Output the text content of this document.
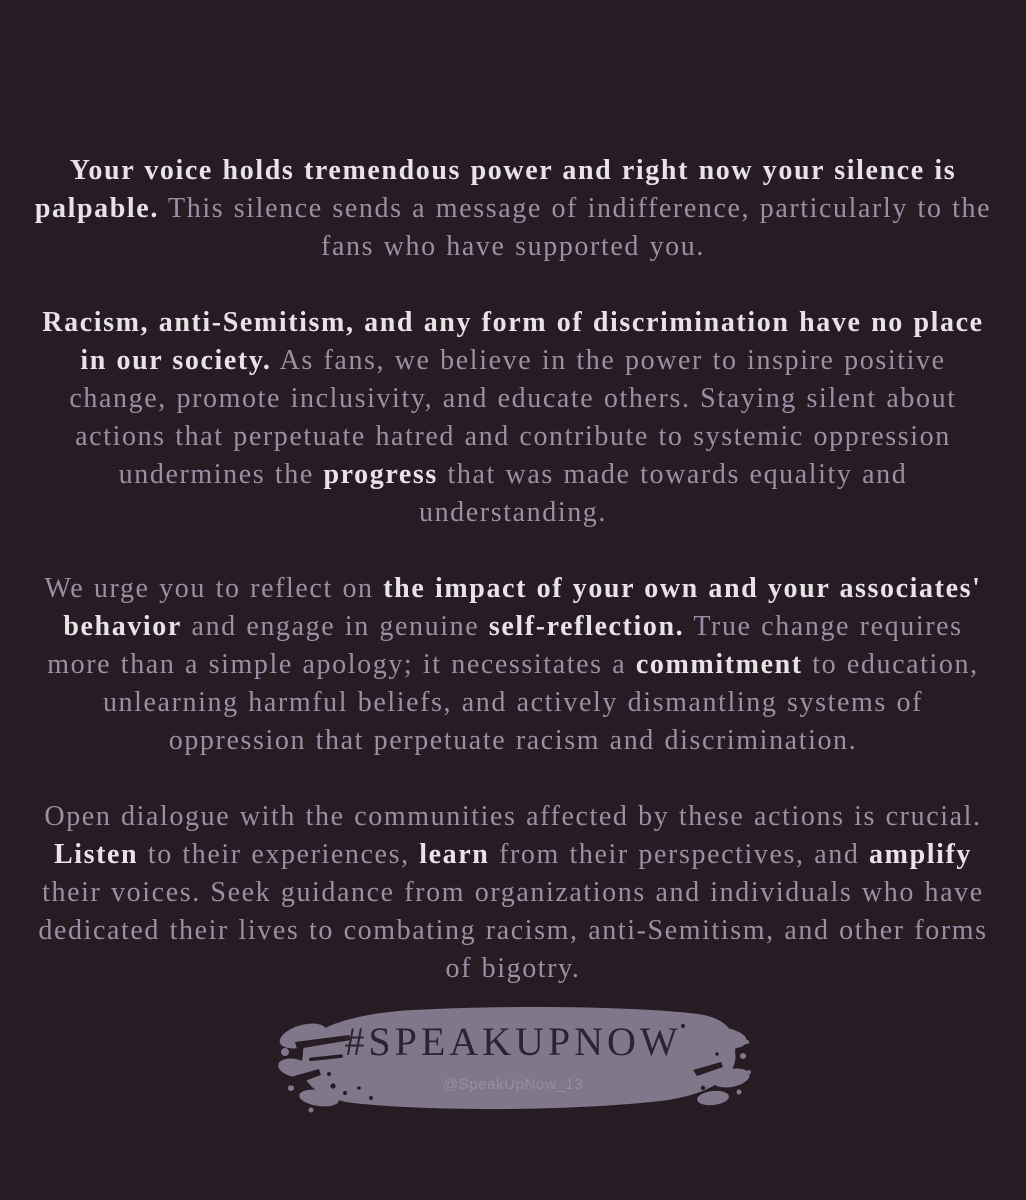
Your voice holds tremendous power and right now your silence is palpable. This silence sends a message of indifference, particularly to the fans who have supported you.

Racism, anti-Semitism, and any form of discrimination have no place in our society. As fans, we believe in the power to inspire positive change, promote inclusivity, and educate others. Staying silent about actions that perpetuate hatred and contribute to systemic oppression undermines the progress that was made towards equality and understanding.

We urge you to reflect on the impact of your own and your associates' behavior and engage in genuine self-reflection. True change requires more than a simple apology; it necessitates a commitment to education, unlearning harmful beliefs, and actively dismantling systems of oppression that perpetuate racism and discrimination.

Open dialogue with the communities affected by these actions is crucial. Listen to their experiences, learn from their perspectives, and amplify their voices. Seek guidance from organizations and individuals who have dedicated their lives to combating racism, anti-Semitism, and other forms of bigotry.

#SPEAKUPNOW
@SpeakUpNow_13
